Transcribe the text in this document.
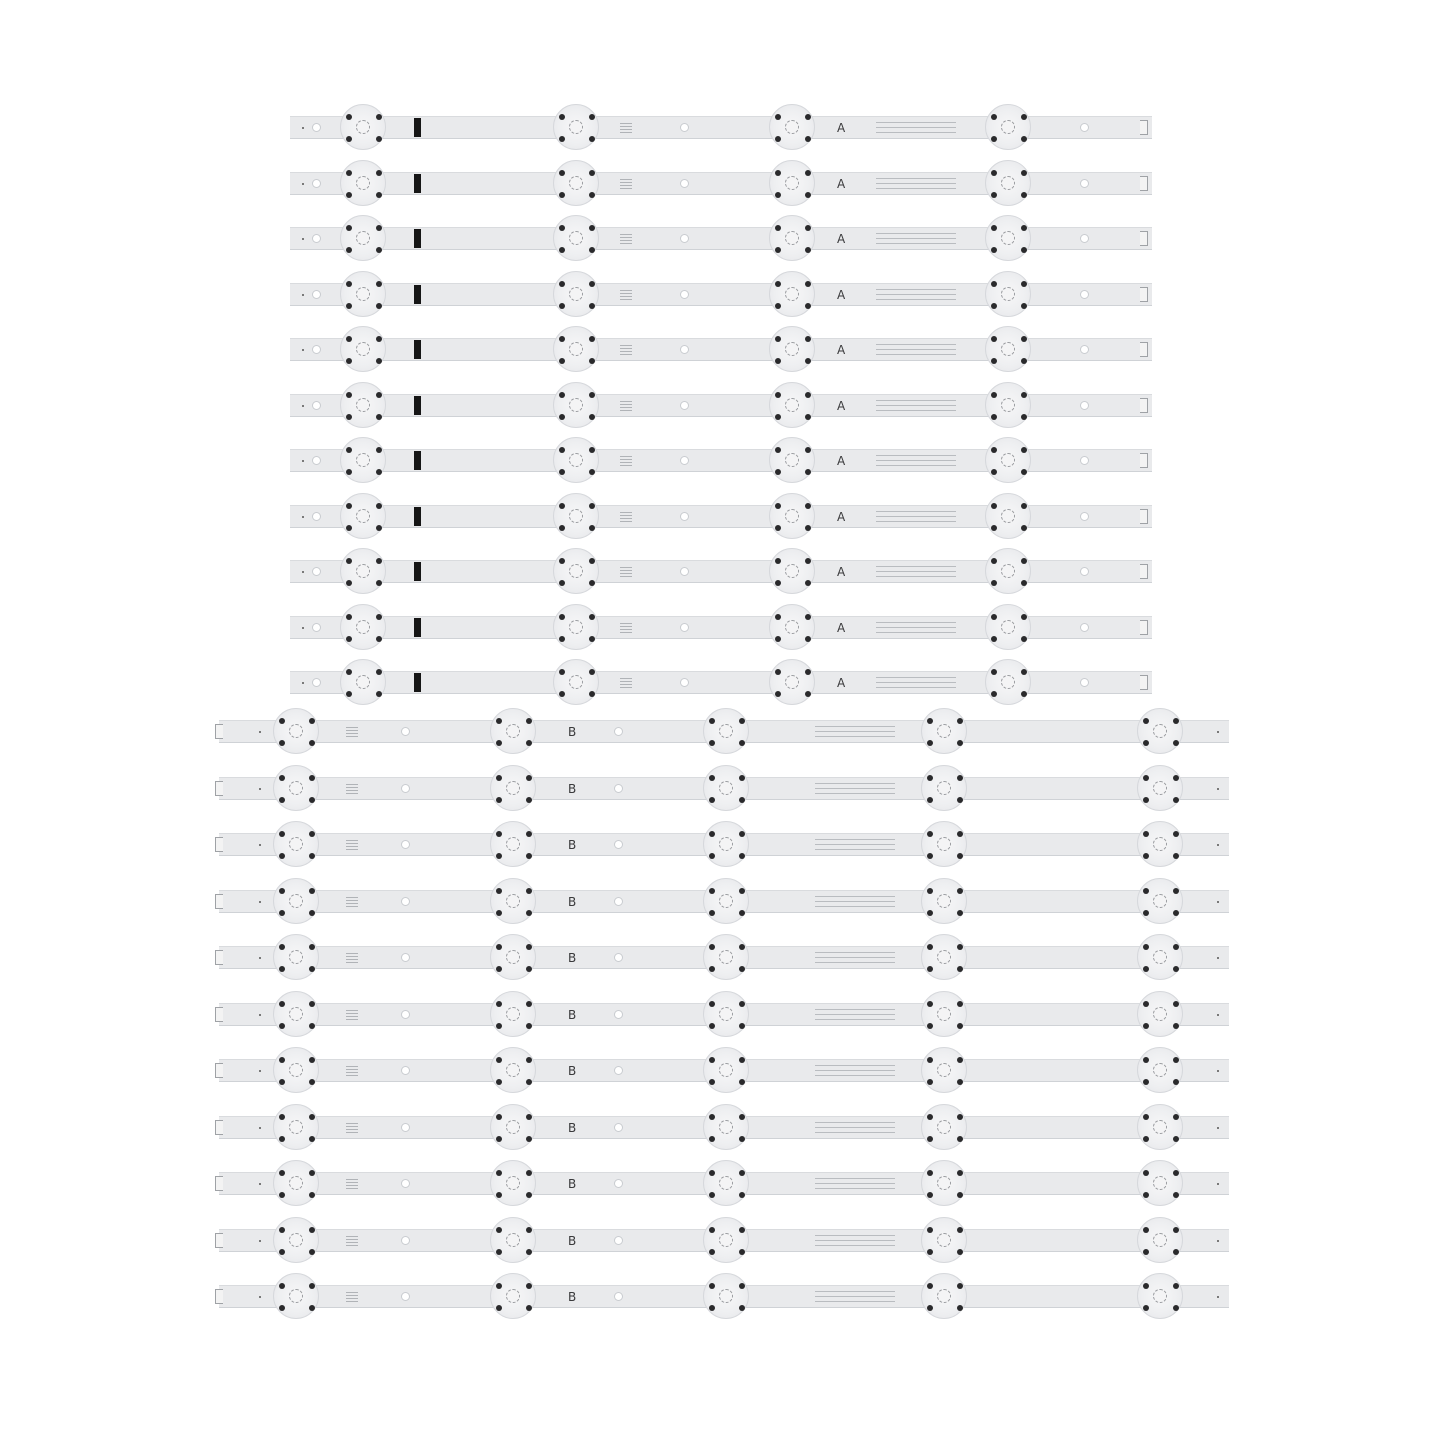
A
A
A
A
A
A
A
A
A
A
A
B
B
B
B
B
B
B
B
B
B
B
